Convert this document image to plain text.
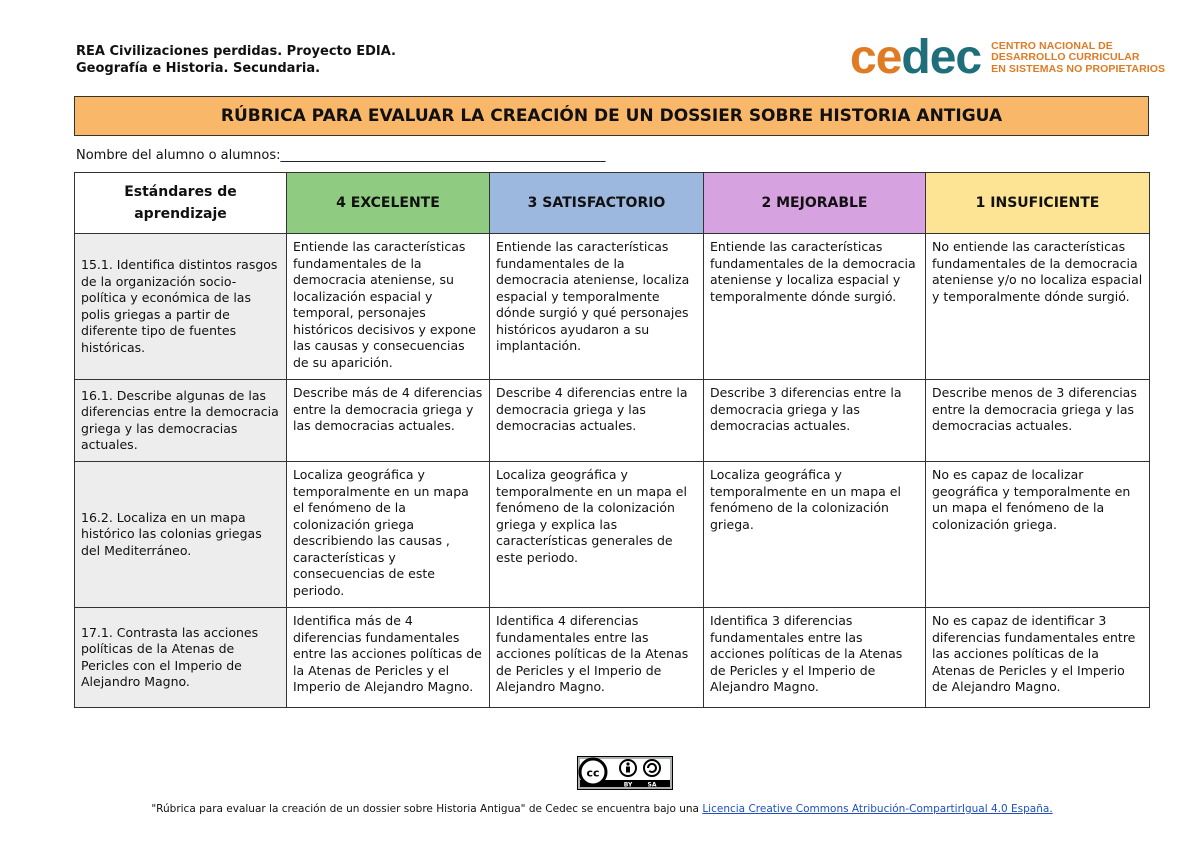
REA Civilizaciones perdidas. Proyecto EDIA.
Geografía e Historia. Secundaria.	cedec CENTRO NACIONAL DE
DESARROLLO CURRICULAR
EN SISTEMAS NO PROPIETARIOS
RÚBRICA PARA EVALUAR LA CREACIÓN DE UN DOSSIER SOBRE HISTORIA ANTIGUA
Nombre del alumno o alumnos:__________________________________________________
Estándares de aprendizaje	4 EXCELENTE	3 SATISFACTORIO	2 MEJORABLE	1 INSUFICIENTE
15.1. Identifica distintos rasgos de la organización socio-política y económica de las polis griegas a partir de diferente tipo de fuentes históricas.	Entiende las características fundamentales de la democracia ateniense, su localización espacial y temporal, personajes históricos decisivos y expone las causas y consecuencias de su aparición.	Entiende las características fundamentales de la democracia ateniense, localiza espacial y temporalmente dónde surgió y qué personajes históricos ayudaron a su implantación.	Entiende las características fundamentales de la democracia ateniense y localiza espacial y temporalmente dónde surgió.	No entiende las características fundamentales de la democracia ateniense y/o no localiza espacial y temporalmente dónde surgió.
16.1. Describe algunas de las diferencias entre la democracia griega y las democracias actuales.	Describe más de 4 diferencias entre la democracia griega y las democracias actuales.	Describe 4 diferencias entre la democracia griega y las democracias actuales.	Describe 3 diferencias entre la democracia griega y las democracias actuales.	Describe menos de 3 diferencias entre la democracia griega y las democracias actuales.
16.2. Localiza en un mapa histórico las colonias griegas del Mediterráneo.	Localiza geográfica y temporalmente en un mapa el fenómeno de la colonización griega describiendo las causas , características y consecuencias de este periodo.	Localiza geográfica y temporalmente en un mapa el fenómeno de la colonización griega y explica las características generales de este periodo.	Localiza geográfica y temporalmente en un mapa el fenómeno de la colonización griega.	No es capaz de localizar geográfica y temporalmente en un mapa el fenómeno de la colonización griega.
17.1. Contrasta las acciones políticas de la Atenas de Pericles con el Imperio de Alejandro Magno.	Identifica más de 4 diferencias fundamentales entre las acciones políticas de la Atenas de Pericles y el Imperio de Alejandro Magno.	Identifica 4 diferencias fundamentales entre las acciones políticas de la Atenas de Pericles y el Imperio de Alejandro Magno.	Identifica 3 diferencias fundamentales entre las acciones políticas de la Atenas de Pericles y el Imperio de Alejandro Magno.	No es capaz de identificar 3 diferencias fundamentales entre las acciones políticas de la Atenas de Pericles y el Imperio de Alejandro Magno.
cc
BY	SA
"Rúbrica para evaluar la creación de un dossier sobre Historia Antigua" de Cedec se encuentra bajo una Licencia Creative Commons Atribución-CompartirIgual 4.0 España.
